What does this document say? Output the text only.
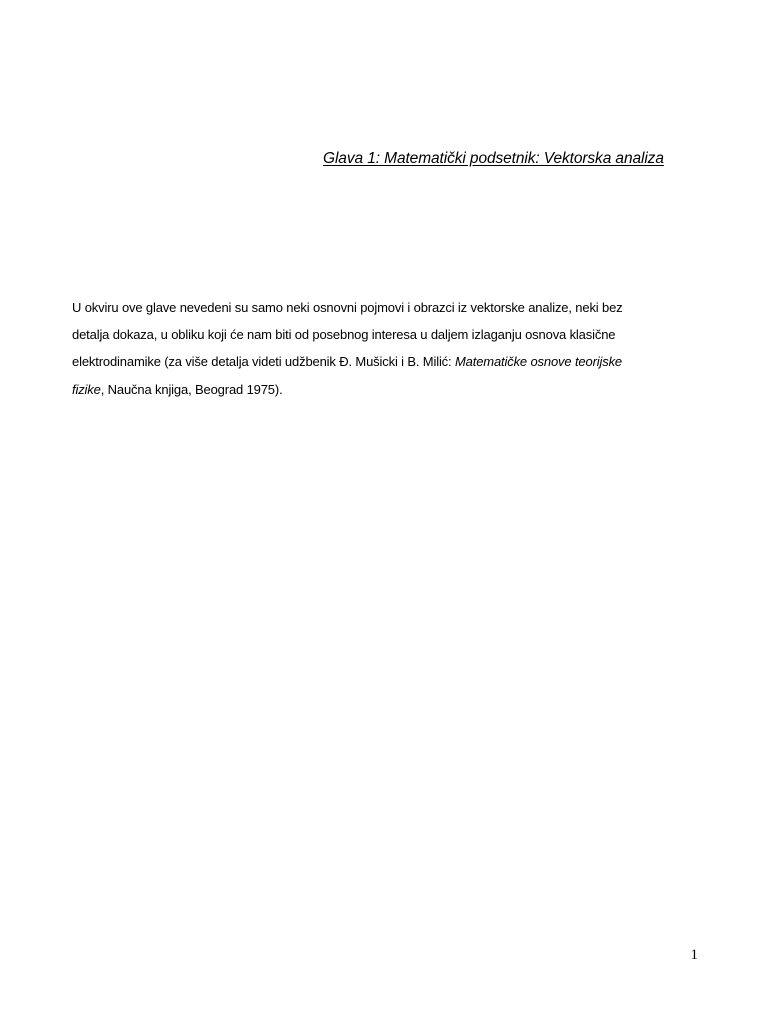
Glava 1: Matematički podsetnik: Vektorska analiza

U okviru ove glave nevedeni su samo neki osnovni pojmovi i obrazci iz vektorske analize, neki bez
detalja dokaza, u obliku koji će nam biti od posebnog interesa u daljem izlaganju osnova klasične
elektrodinamike (za više detalja videti udžbenik Đ. Mušicki i B. Milić: Matematičke osnove teorijske
fizike, Naučna knjiga, Beograd 1975).

1
